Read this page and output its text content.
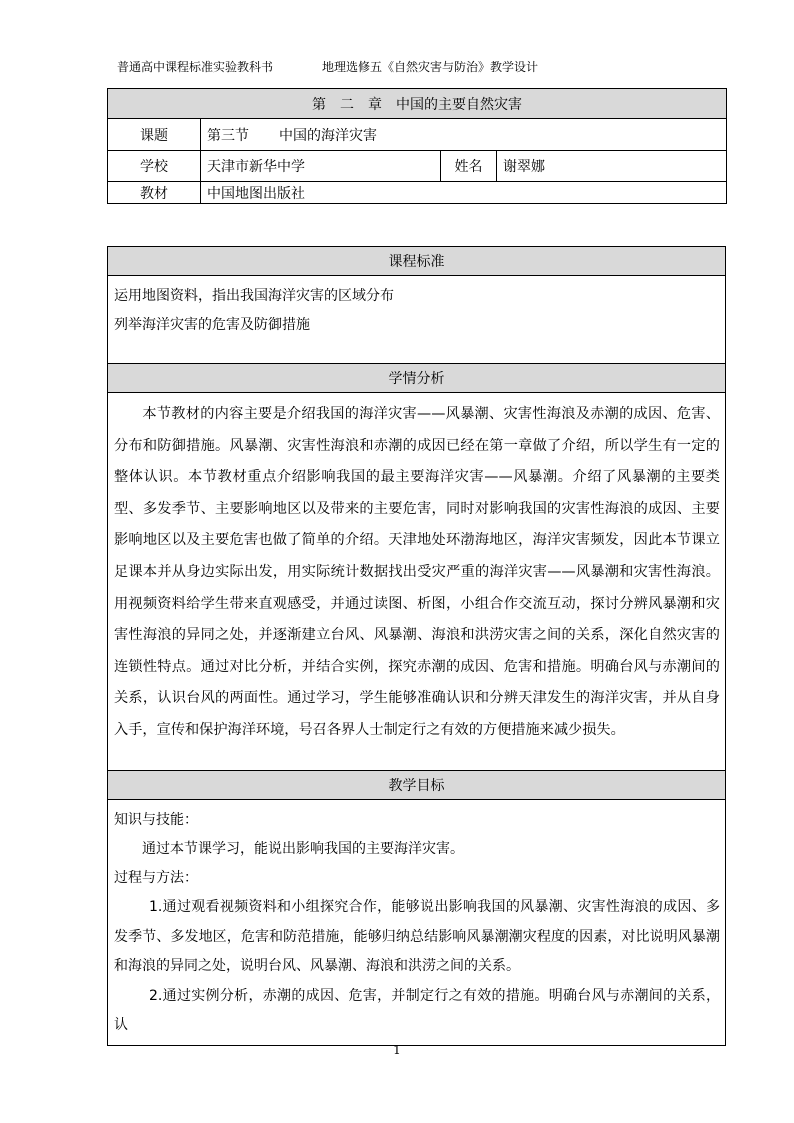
普通高中课程标准实验教科书	地理选修五《自然灾害与防治》教学设计
第　二　章　中国的主要自然灾害			
课题	第三节 中国的海洋灾害		
学校	天津市新华中学	姓名	谢翠娜
教材	中国地图出版社		
课程标准

运用地图资料，指出我国海洋灾害的区域分布

列举海洋灾害的危害及防御措施

学情分析

本节教材的内容主要是介绍我国的海洋灾害——风暴潮、灾害性海浪及赤潮的成因、危害、分布和防御措施。风暴潮、灾害性海浪和赤潮的成因已经在第一章做了介绍，所以学生有一定的整体认识。本节教材重点介绍影响我国的最主要海洋灾害——风暴潮。介绍了风暴潮的主要类型、多发季节、主要影响地区以及带来的主要危害，同时对影响我国的灾害性海浪的成因、主要影响地区以及主要危害也做了简单的介绍。天津地处环渤海地区，海洋灾害频发，因此本节课立足课本并从身边实际出发，用实际统计数据找出受灾严重的海洋灾害——风暴潮和灾害性海浪。用视频资料给学生带来直观感受，并通过读图、析图，小组合作交流互动，探讨分辨风暴潮和灾害性海浪的异同之处，并逐渐建立台风、风暴潮、海浪和洪涝灾害之间的关系，深化自然灾害的连锁性特点。通过对比分析，并结合实例，探究赤潮的成因、危害和措施。明确台风与赤潮间的关系，认识台风的两面性。通过学习，学生能够准确认识和分辨天津发生的海洋灾害，并从自身入手，宣传和保护海洋环境，号召各界人士制定行之有效的方便措施来减少损失。

教学目标

知识与技能：

通过本节课学习，能说出影响我国的主要海洋灾害。

过程与方法：

1.通过观看视频资料和小组探究合作，能够说出影响我国的风暴潮、灾害性海浪的成因、多发季节、多发地区，危害和防范措施，能够归纳总结影响风暴潮潮灾程度的因素，对比说明风暴潮和海浪的异同之处，说明台风、风暴潮、海浪和洪涝之间的关系。

2.通过实例分析，赤潮的成因、危害，并制定行之有效的措施。明确台风与赤潮间的关系，认

1
